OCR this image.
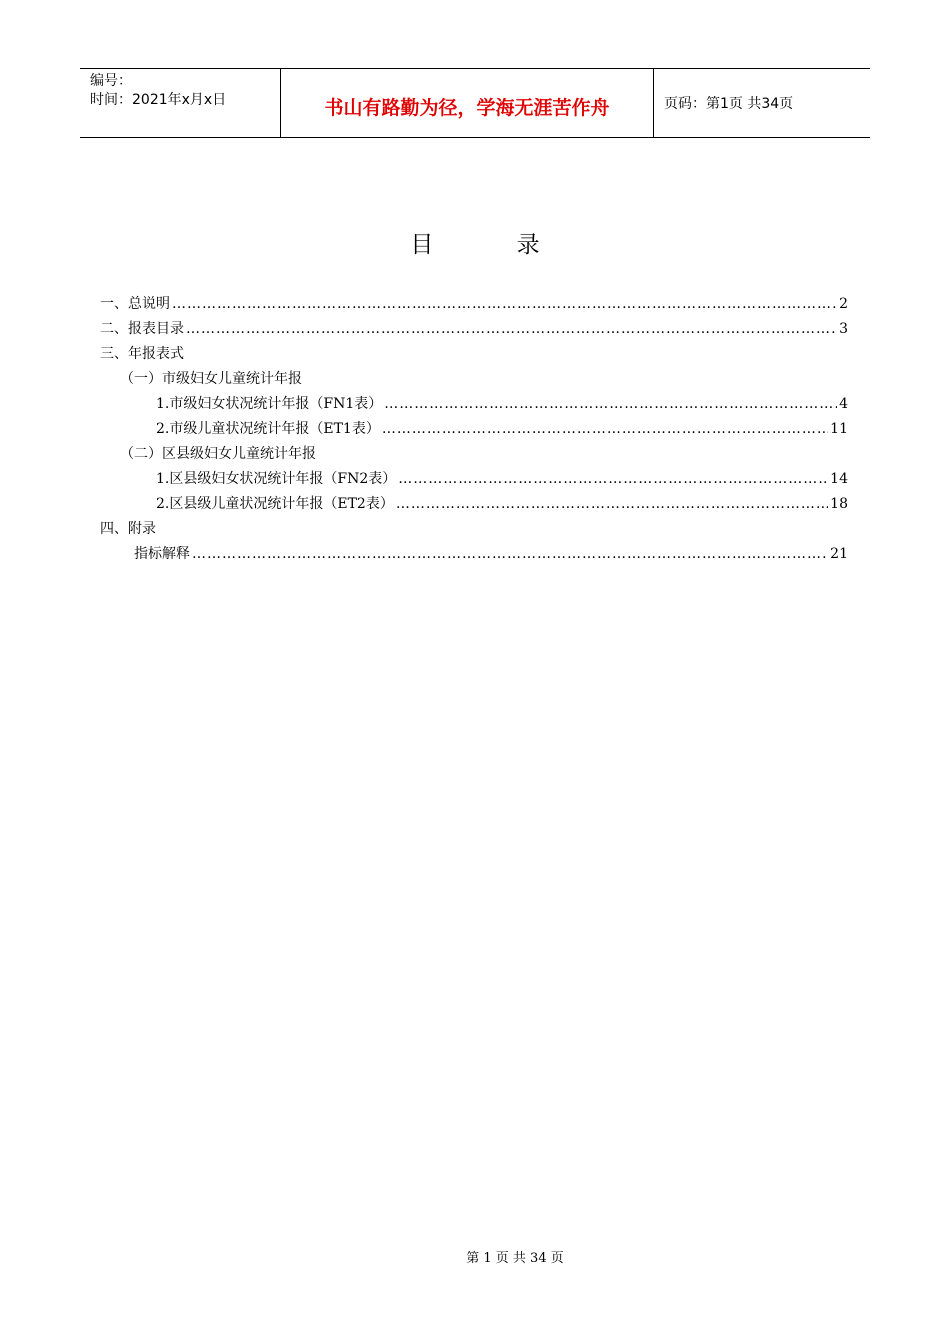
编号：
时间：2021年x月x日	书山有路勤为径，学海无涯苦作舟	页码：第1页 共34页
目 录
一、总说明 …………………………………………………………………………………………………………………………………………………………………………………………………………………………………	2
二、报表目录 …………………………………………………………………………………………………………………………………………………………………………………………………………………………………	3
三、年报表式
（一）市级妇女儿童统计年报
1.市级妇女状况统计年报（FN1表） …………………………………………………………………………………………………………………………………………………………………………………………………………………………………	4
2.市级儿童状况统计年报（ET1表） …………………………………………………………………………………………………………………………………………………………………………………………………………………………………	11
（二）区县级妇女儿童统计年报
1.区县级妇女状况统计年报（FN2表） …………………………………………………………………………………………………………………………………………………………………………………………………………………………………	14
2.区县级儿童状况统计年报（ET2表） …………………………………………………………………………………………………………………………………………………………………………………………………………………………………	18
四、附录
指标解释 …………………………………………………………………………………………………………………………………………………………………………………………………………………………………	21
第 1 页 共 34 页
